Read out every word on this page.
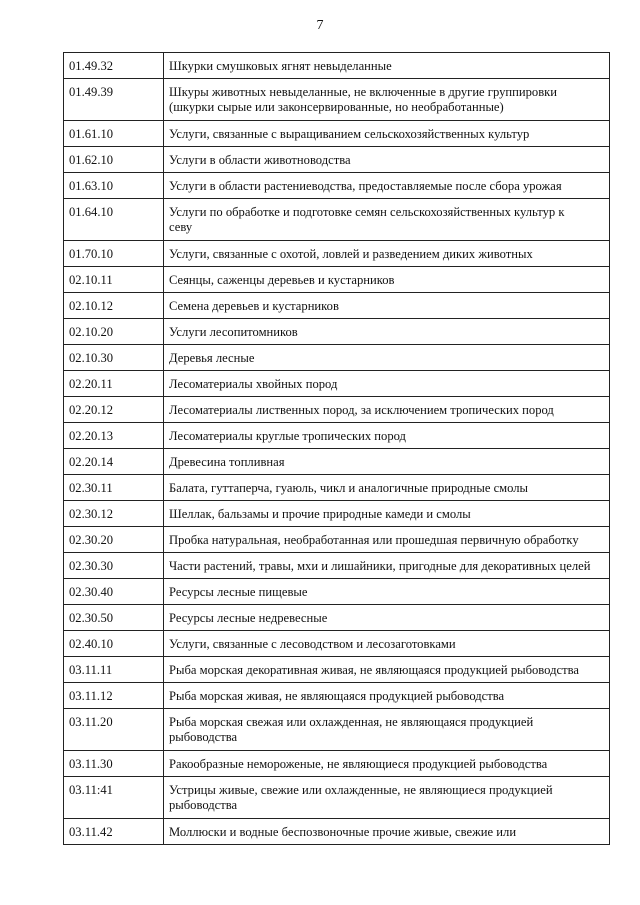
7
01.49.32	Шкурки смушковых ягнят невыделанные

01.49.39	Шкуры животных невыделанные, не включенные в другие группировки
(шкурки сырые или законсервированные, но необработанные)

01.61.10	Услуги, связанные с выращиванием сельскохозяйственных культур

01.62.10	Услуги в области животноводства

01.63.10	Услуги в области растениеводства, предоставляемые после сбора урожая

01.64.10	Услуги по обработке и подготовке семян сельскохозяйственных культур к
севу

01.70.10	Услуги, связанные с охотой, ловлей и разведением диких животных

02.10.11	Сеянцы, саженцы деревьев и кустарников

02.10.12	Семена деревьев и кустарников

02.10.20	Услуги лесопитомников

02.10.30	Деревья лесные

02.20.11	Лесоматериалы хвойных пород

02.20.12	Лесоматериалы лиственных пород, за исключением тропических пород

02.20.13	Лесоматериалы круглые тропических пород

02.20.14	Древесина топливная

02.30.11	Балата, гуттаперча, гуаюль, чикл и аналогичные природные смолы

02.30.12	Шеллак, бальзамы и прочие природные камеди и смолы

02.30.20	Пробка натуральная, необработанная или прошедшая первичную обработку

02.30.30	Части растений, травы, мхи и лишайники, пригодные для декоративных целей

02.30.40	Ресурсы лесные пищевые

02.30.50	Ресурсы лесные недревесные

02.40.10	Услуги, связанные с лесоводством и лесозаготовками

03.11.11	Рыба морская декоративная живая, не являющаяся продукцией рыбоводства

03.11.12	Рыба морская живая, не являющаяся продукцией рыбоводства

03.11.20	Рыба морская свежая или охлажденная, не являющаяся продукцией
рыбоводства

03.11.30	Ракообразные немороженые, не являющиеся продукцией рыбоводства

03.11:41	Устрицы живые, свежие или охлажденные, не являющиеся продукцией
рыбоводства

03.11.42	Моллюски и водные беспозвоночные прочие живые, свежие или
